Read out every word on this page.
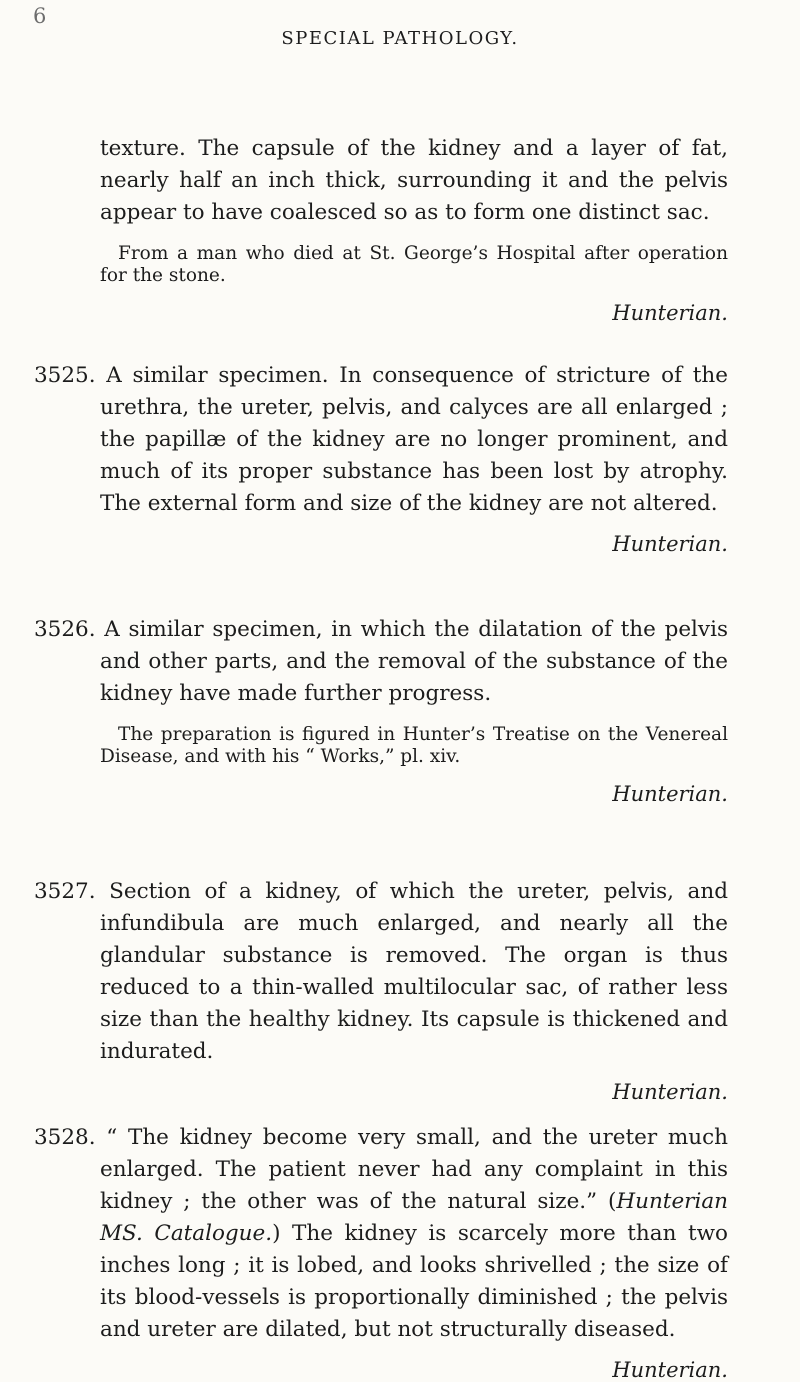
6
SPECIAL PATHOLOGY.

texture. The capsule of the kidney and a layer of fat, nearly half an inch thick, surrounding it and the pelvis appear to have coalesced so as to form one distinct sac.

From a man who died at St. George’s Hospital after operation for the stone.

Hunterian.

3525. A similar specimen. In consequence of stricture of the urethra, the ureter, pelvis, and calyces are all enlarged ; the papillæ of the kidney are no longer prominent, and much of its proper substance has been lost by atrophy. The external form and size of the kidney are not altered.

Hunterian.

3526. A similar specimen, in which the dilatation of the pelvis and other parts, and the removal of the substance of the kidney have made further progress.

The preparation is figured in Hunter’s Treatise on the Venereal Disease, and with his “ Works,” pl. xiv.

Hunterian.

3527. Section of a kidney, of which the ureter, pelvis, and infundibula are much enlarged, and nearly all the glandular substance is removed. The organ is thus reduced to a thin-walled multilocular sac, of rather less size than the healthy kidney. Its capsule is thickened and indurated.

Hunterian.

3528. “ The kidney become very small, and the ureter much enlarged. The patient never had any complaint in this kidney ; the other was of the natural size.” (Hunterian MS. Catalogue.) The kidney is scarcely more than two inches long ; it is lobed, and looks shrivelled ; the size of its blood-vessels is proportionally diminished ; the pelvis and ureter are dilated, but not structurally diseased.

Hunterian.
